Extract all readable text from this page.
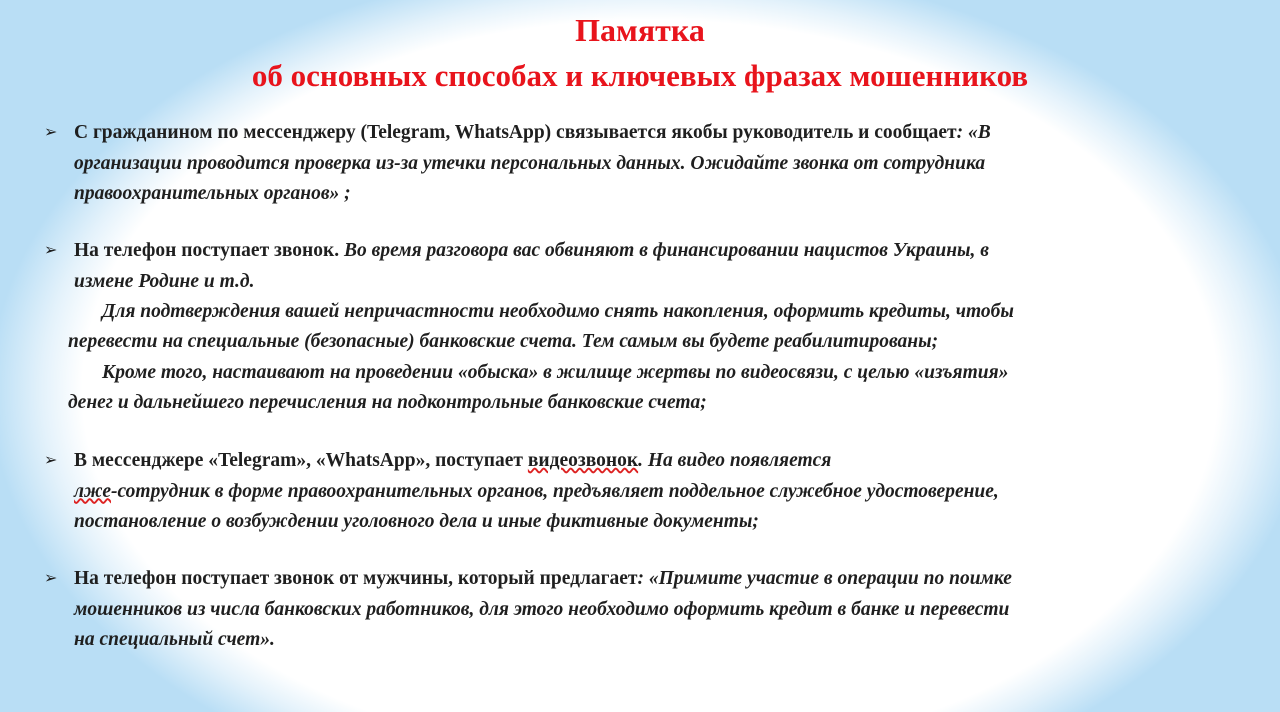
Памятка
об основных способах и ключевых фразах мошенников
➢ С гражданином по мессенджеру (Telegram, WhatsApp) связывается якобы руководитель и сообщает: «В
организации проводится проверка из-за утечки персональных данных. Ожидайте звонка от сотрудника
правоохранительных органов» ;
➢ На телефон поступает звонок. Во время разговора вас обвиняют в финансировании нацистов Украины, в
измене Родине и т.д.
Для подтверждения вашей непричастности необходимо снять накопления, оформить кредиты, чтобы
перевести на специальные (безопасные) банковские счета. Тем самым вы будете реабилитированы;
Кроме того, настаивают на проведении «обыска» в жилище жертвы по видеосвязи, с целью «изъятия»
денег и дальнейшего перечисления на подконтрольные банковские счета;
➢ В мессенджере «Telegram», «WhatsApp», поступает видеозвонок. На видео появляется
лже-сотрудник в форме правоохранительных органов, предъявляет поддельное служебное удостоверение,
постановление о возбуждении уголовного дела и иные фиктивные документы;
➢ На телефон поступает звонок от мужчины, который предлагает: «Примите участие в операции по поимке
мошенников из числа банковских работников, для этого необходимо оформить кредит в банке и перевести
на специальный счет».
